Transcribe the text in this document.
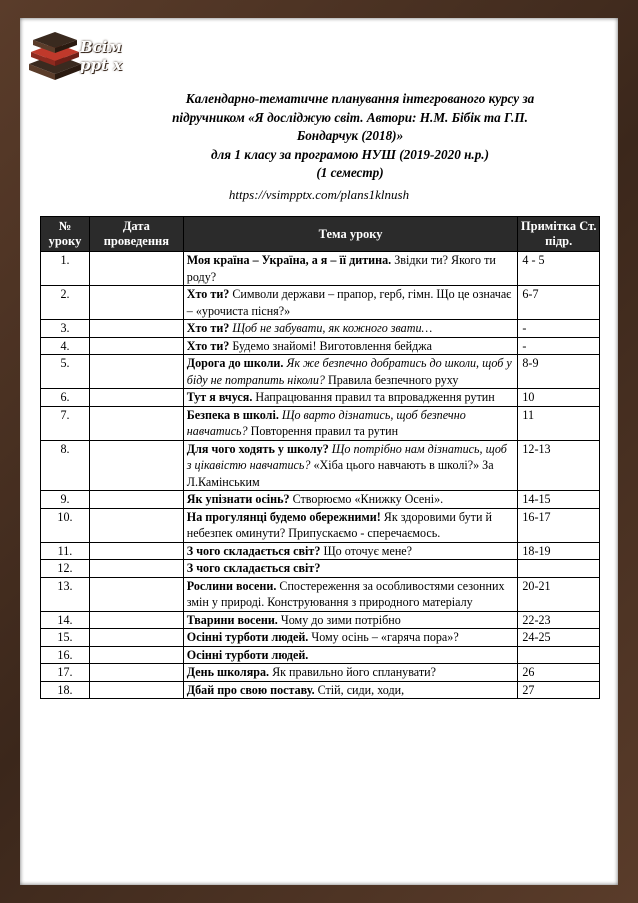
Всім
ppt x
Календарно-тематичне планування інтегрованого курсу за
підручником «Я досліджую світ. Автори: Н.М. Бібік та Г.П.
Бондарчук (2018)»
для 1 класу за програмою НУШ (2019-2020 н.р.)
(1 семестр)
https://vsimpptx.com/plans1klnush
№ уроку	Дата проведення	Тема уроку	Примітка Ст. підр.
1.		Моя країна – Україна, а я – її дитина. Звідки ти? Якого ти роду?	4 - 5
2.		Хто ти? Символи держави – прапор, герб, гімн. Що це означає – «урочиста пісня?»	6-7
3.		Хто ти? Щоб не забувати, як кожного звати…	-
4.		Хто ти? Будемо знайомі! Виготовлення бейджа	-
5.		Дорога до школи. Як же безпечно добратись до школи, щоб у біду не потрапить ніколи? Правила безпечного руху	8-9
6.		Тут я вчуся. Напрацювання правил та впровадження рутин	10
7.		Безпека в школі. Що варто дізнатись, щоб безпечно навчатись? Повторення правил та рутин	11
8.		Для чого ходять у школу? Що потрібно нам дізнатись, щоб з цікавістю навчатись? «Хіба цього навчають в школі?» За Л.Камінським	12-13
9.		Як упізнати осінь? Створюємо «Книжку Осені».	14-15
10.		На прогулянці будемо обережними! Як здоровими бути й небезпек оминути? Припускаємо - сперечаємось.	16-17
11.		З чого складається світ? Що оточує мене?	18-19
12.		З чого складається світ?	
13.		Рослини восени. Спостереження за особливостями сезонних змін у природі. Конструювання з природного матеріалу	20-21
14.		Тварини восени. Чому до зими потрібно	22-23
15.		Осінні турботи людей. Чому осінь – «гаряча пора»?	24-25
16.		Осінні турботи людей.	
17.		День школяра. Як правильно його спланувати?	26
18.		Дбай про свою поставу. Стій, сиди, ходи,	27
